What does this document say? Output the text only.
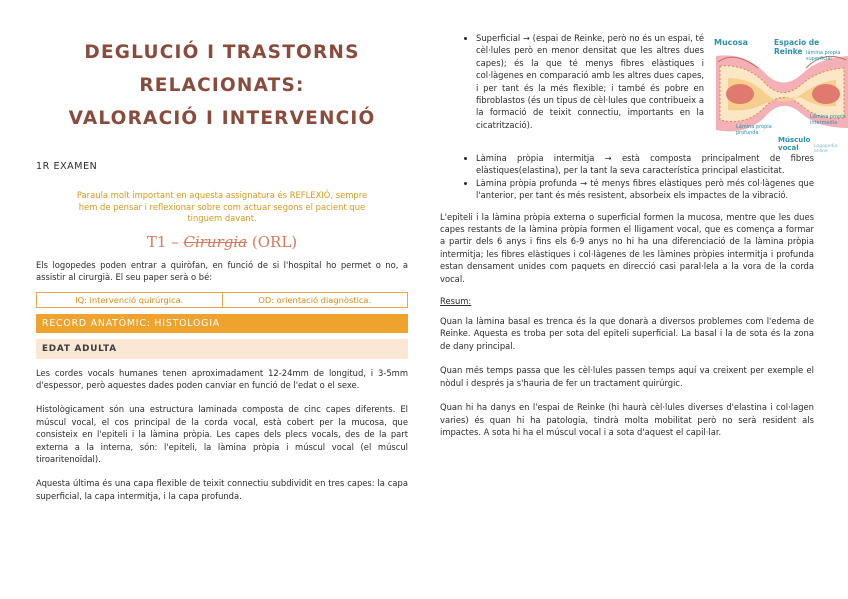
DEGLUCIÓ I TRASTORNS RELACIONATS:
VALORACIÓ I INTERVENCIÓ
1R EXAMEN
Paraula molt important en aquesta assignatura és REFLEXIÓ, sempre hem de pensar i reflexionar sobre com actuar segons el pacient que tinguem davant.
T1 – Cirurgia (ORL)

Els logopedes poden entrar a quiròfan, en funció de si l'hospital ho permet o no, a assistir al cirurgià. El seu paper serà o bé:

IQ: intervenció quirúrgica.	OD: orientació diagnòstica.
RECORD ANATÒMIC: HISTOLOGIA
EDAT ADULTA

Les cordes vocals humanes tenen aproximadament 12-24mm de longitud, i 3-5mm d'espessor, però aquestes dades poden canviar en funció de l'edat o el sexe.

Histològicament són una estructura laminada composta de cinc capes diferents. El múscul vocal, el cos principal de la corda vocal, està cobert per la mucosa, que consisteix en l'epiteli i la làmina pròpia. Les capes dels plecs vocals, des de la part externa a la interna, són: l'epiteli, la làmina pròpia i múscul vocal (el múscul tiroaritenoïdal).

Aquesta última és una capa flexible de teixit connectiu subdividit en tres capes: la capa superficial, la capa intermitja, i la capa profunda.

• Superficial → (espai de Reinke, però no és un espai, té cèl·lules però en menor densitat que les altres dues capes); és la que té menys fibres elàstiques i col·làgenes en comparació amb les altres dues capes, i per tant és la més flexible; i també és pobre en fibroblastos (és un tipus de cèl·lules que contribueix a la formació de teixit connectiu, importants en la cicatrització).
Mucosa	Espacio de Reinke lámina propia superficial
Lámina propia intermedia
Lámina propia profunda
Músculo vocal	Logopedia online
• Làmina pròpia intermitja → està composta principalment de fibres elàstiques(elastina), per la tant la seva característica principal elasticitat.
• Làmina pròpia profunda → té menys fibres elàstiques però més col·làgenes que l'anterior, per tant és més resistent, absorbeix els impactes de la vibració.

L'epiteli i la làmina pròpia externa o superficial formen la mucosa, mentre que les dues capes restants de la làmina pròpia formen el lligament vocal, que es comença a formar a partir dels 6 anys i fins els 6-9 anys no hi ha una diferenciació de la làmina pròpia intermitja; les fibres elàstiques i col·làgenes de les làmines pròpies intermitja i profunda estan densament unides com paquets en direcció casi paral·lela a la vora de la corda vocal.

Resum:

Quan la làmina basal es trenca és la que donarà a diversos problemes com l'edema de Reinke. Aquesta es troba per sota del epiteli superficial. La basal i la de sota és la zona de dany principal.

Quan més temps passa que les cèl·lules passen temps aquí va creixent per exemple el nòdul i després ja s'hauria de fer un tractament quirúrgic.

Quan hi ha danys en l'espai de Reinke (hi haurà cèl·lules diverses d'elastina i col·lagen varies) és quan hi ha patologia, tindrà molta mobilitat però no serà resident als impactes. A sota hi ha el múscul vocal i a sota d'aquest el capil·lar.
